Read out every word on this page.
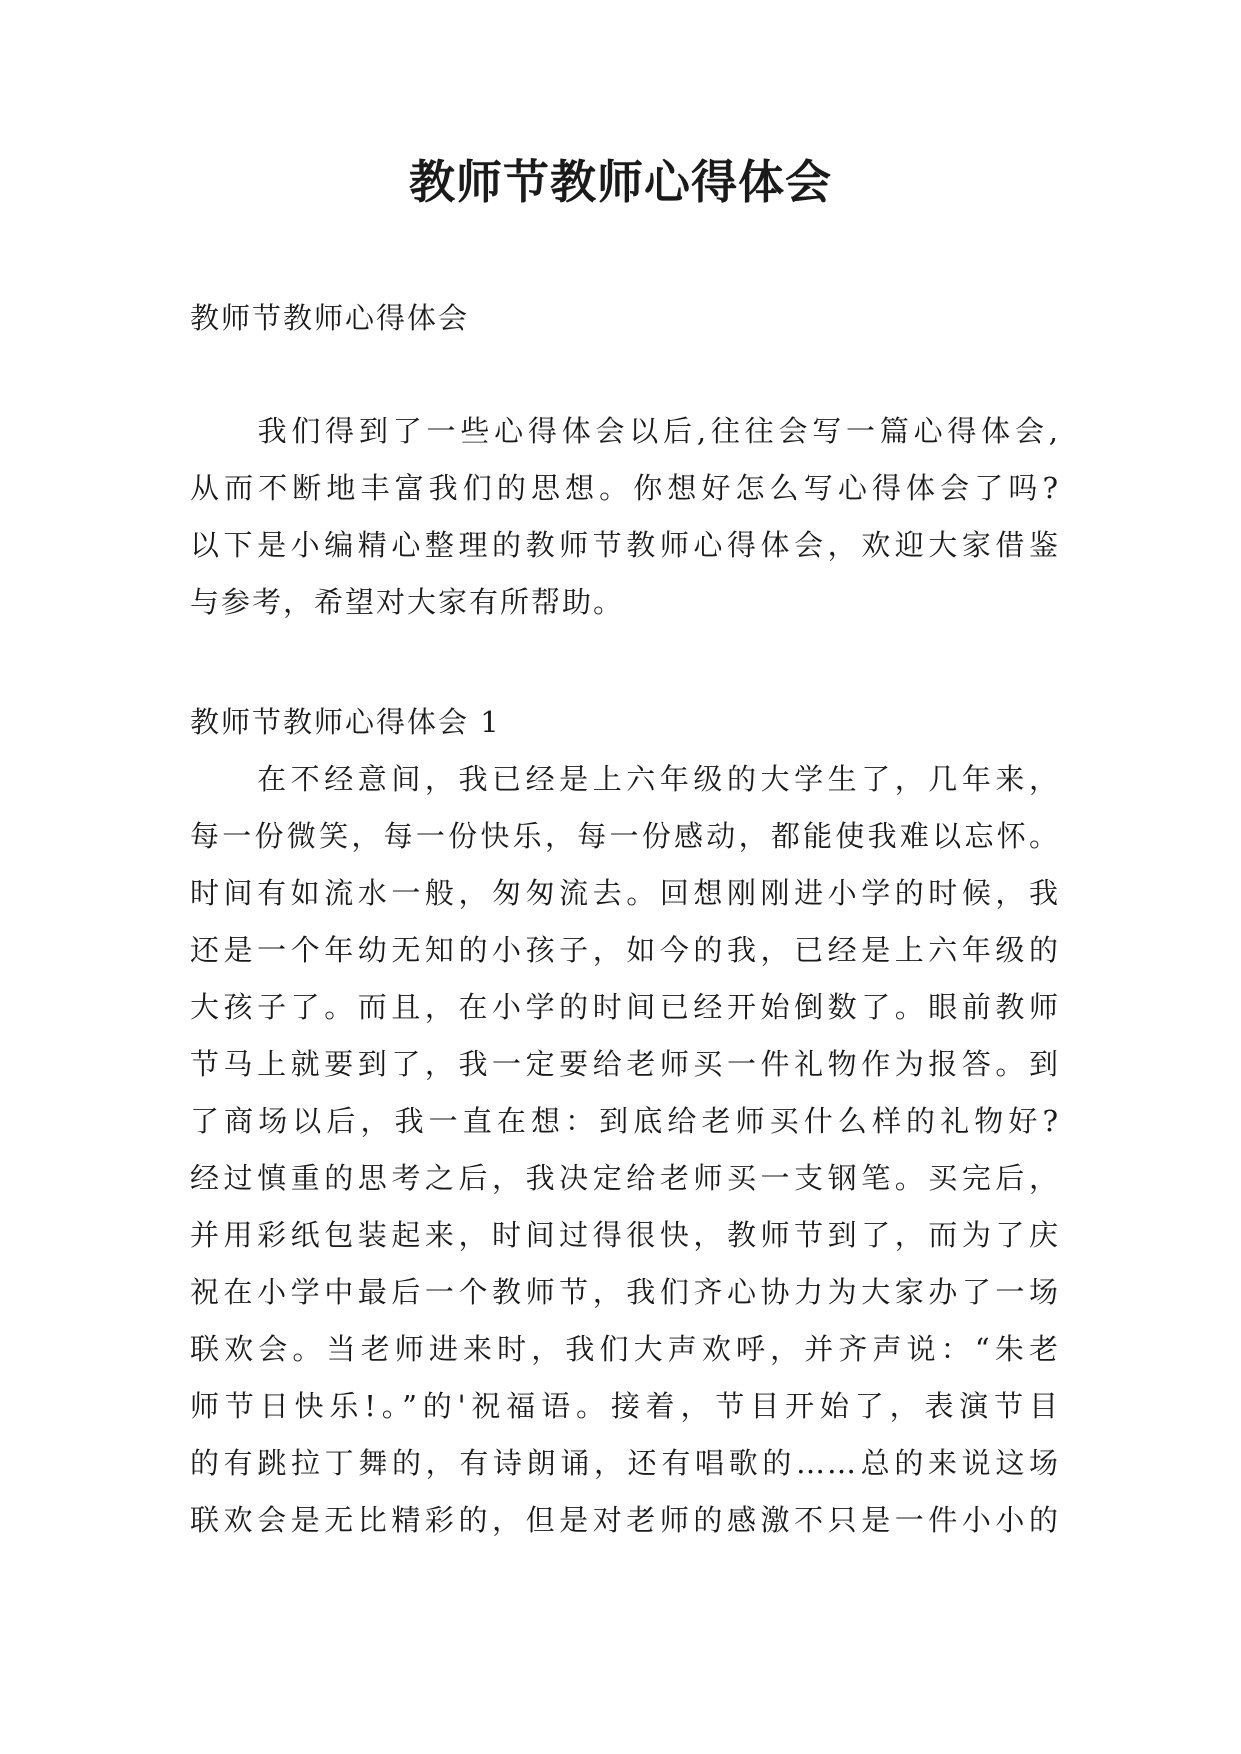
教师节教师心得体会
教师节教师心得体会
　　我们得到了一些心得体会以后,往往会写一篇心得体会,
从而不断地丰富我们的思想。你想好怎么写心得体会了吗?
以下是小编精心整理的教师节教师心得体会，欢迎大家借鉴
与参考，希望对大家有所帮助。
教师节教师心得体会 1
　　在不经意间，我已经是上六年级的大学生了，几年来，
每一份微笑，每一份快乐，每一份感动，都能使我难以忘怀。
时间有如流水一般，匆匆流去。回想刚刚进小学的时候，我
还是一个年幼无知的小孩子，如今的我，已经是上六年级的
大孩子了。而且，在小学的时间已经开始倒数了。眼前教师
节马上就要到了，我一定要给老师买一件礼物作为报答。到
了商场以后，我一直在想：到底给老师买什么样的礼物好?
经过慎重的思考之后，我决定给老师买一支钢笔。买完后，
并用彩纸包装起来，时间过得很快，教师节到了，而为了庆
祝在小学中最后一个教师节，我们齐心协力为大家办了一场
联欢会。当老师进来时，我们大声欢呼，并齐声说：“朱老
师节日快乐!。”的'祝福语。接着，节目开始了，表演节目
的有跳拉丁舞的，有诗朗诵，还有唱歌的……总的来说这场
联欢会是无比精彩的，但是对老师的感激不只是一件小小的
